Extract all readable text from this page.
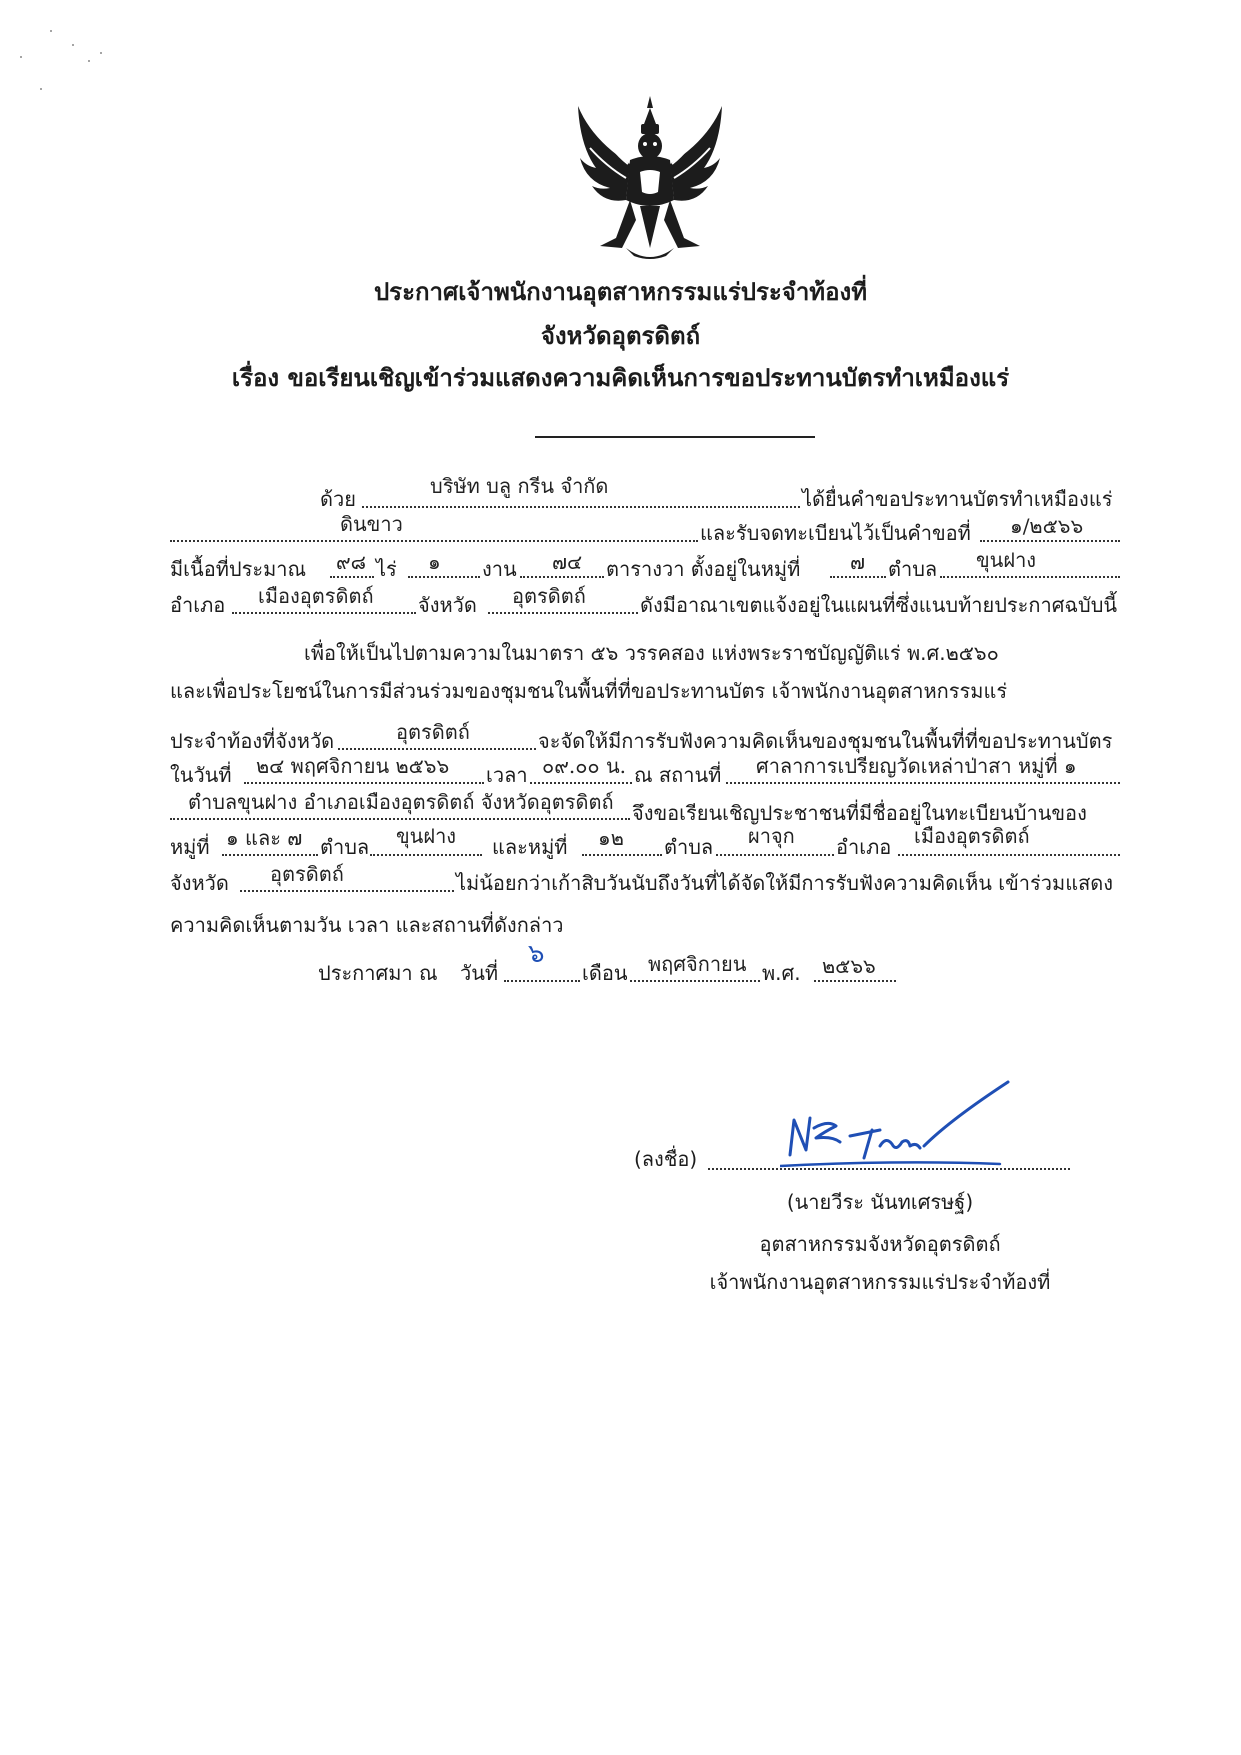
ประกาศเจ้าพนักงานอุตสาหกรรมแร่ประจำท้องที่
จังหวัดอุตรดิตถ์
เรื่อง ขอเรียนเชิญเข้าร่วมแสดงความคิดเห็นการขอประทานบัตรทำเหมืองแร่
ด้วย
บริษัท บลู กรีน จำกัด
ได้ยื่นคำขอประทานบัตรทำเหมืองแร่
ดินขาว	และรับจดทะเบียนไว้เป็นคำขอที่ ๑/๒๕๖๖
มีเนื้อที่ประมาณ ๙๘ ไร่ ๑ งาน ๗๔ ตารางวา ตั้งอยู่ในหมู่ที่ ๗ ตำบล ขุนฝาง
อำเภอ เมืองอุตรดิตถ์ จังหวัด อุตรดิตถ์	ดังมีอาณาเขตแจ้งอยู่ในแผนที่ซึ่งแนบท้ายประกาศฉบับนี้
เพื่อให้เป็นไปตามความในมาตรา ๕๖ วรรคสอง แห่งพระราชบัญญัติแร่ พ.ศ.๒๕๖๐
และเพื่อประโยชน์ในการมีส่วนร่วมของชุมชนในพื้นที่ที่ขอประทานบัตร เจ้าพนักงานอุตสาหกรรมแร่
ประจำท้องที่จังหวัด	อุตรดิตถ์	จะจัดให้มีการรับฟังความคิดเห็นของชุมชนในพื้นที่ที่ขอประทานบัตร
ในวันที่ ๒๔ พฤศจิกายน ๒๕๖๖ เวลา ๐๙.๐๐ น. ณ สถานที่ ศาลาการเปรียญวัดเหล่าป่าสา หมู่ที่ ๑
ตำบลขุนฝาง อำเภอเมืองอุตรดิตถ์ จังหวัดอุตรดิตถ์ จึงขอเรียนเชิญประชาชนที่มีชื่ออยู่ในทะเบียนบ้านของ
หมู่ที่ ๑ และ ๗ ตำบล ขุนฝาง และหมู่ที่ ๑๒ ตำบล ผาจุก อำเภอ เมืองอุตรดิตถ์
จังหวัด อุตรดิตถ์	ไม่น้อยกว่าเก้าสิบวันนับถึงวันที่ได้จัดให้มีการรับฟังความคิดเห็น เข้าร่วมแสดง
ความคิดเห็นตามวัน เวลา และสถานที่ดังกล่าว
ประกาศมา ณ วันที่
๖
เดือน พฤศจิกายน พ.ศ. ๒๕๖๖
(ลงชื่อ)
(นายวีระ นันทเศรษฐ์)
อุตสาหกรรมจังหวัดอุตรดิตถ์
เจ้าพนักงานอุตสาหกรรมแร่ประจำท้องที่
